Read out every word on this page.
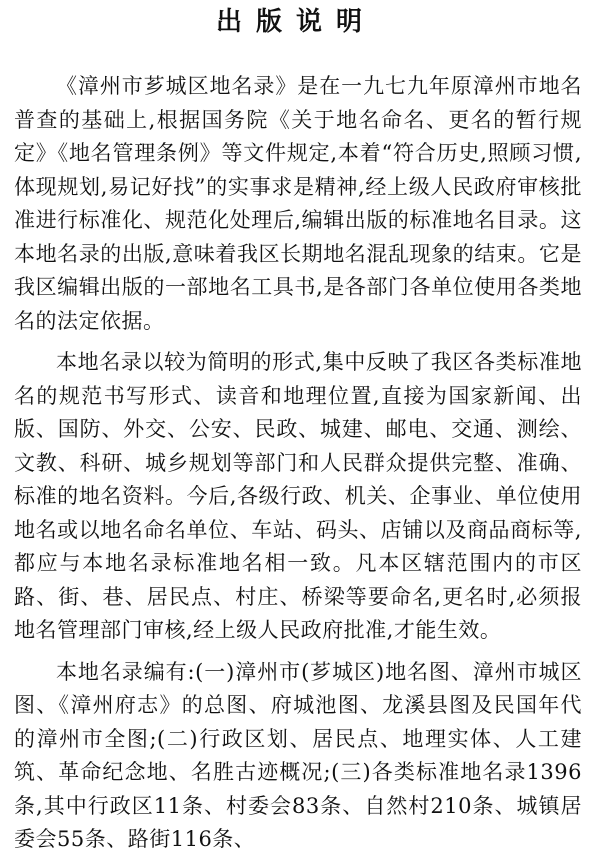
出版说明

《漳州市芗城区地名录》是在一九七九年原漳州市地名普查的基础上,根据国务院《关于地名命名、更名的暂行规定》《地名管理条例》等文件规定,本着“符合历史,照顾习惯,体现规划,易记好找”的实事求是精神,经上级人民政府审核批准进行标准化、规范化处理后,编辑出版的标准地名目录。这本地名录的出版,意味着我区长期地名混乱现象的结束。它是我区编辑出版的一部地名工具书,是各部门各单位使用各类地名的法定依据。

本地名录以较为简明的形式,集中反映了我区各类标准地名的规范书写形式、读音和地理位置,直接为国家新闻、出版、国防、外交、公安、民政、城建、邮电、交通、测绘、文教、科研、城乡规划等部门和人民群众提供完整、准确、标准的地名资料。今后,各级行政、机关、企事业、单位使用地名或以地名命名单位、车站、码头、店铺以及商品商标等,都应与本地名录标准地名相一致。凡本区辖范围内的市区路、街、巷、居民点、村庄、桥梁等要命名,更名时,必须报地名管理部门审核,经上级人民政府批准,才能生效。

本地名录编有:(一)漳州市(芗城区)地名图、漳州市城区图、《漳州府志》的总图、府城池图、龙溪县图及民国年代的漳州市全图;(二)行政区划、居民点、地理实体、人工建筑、革命纪念地、名胜古迹概况;(三)各类标准地名录1396条,其中行政区11条、村委会83条、自然村210条、城镇居委会55条、路街116条、
